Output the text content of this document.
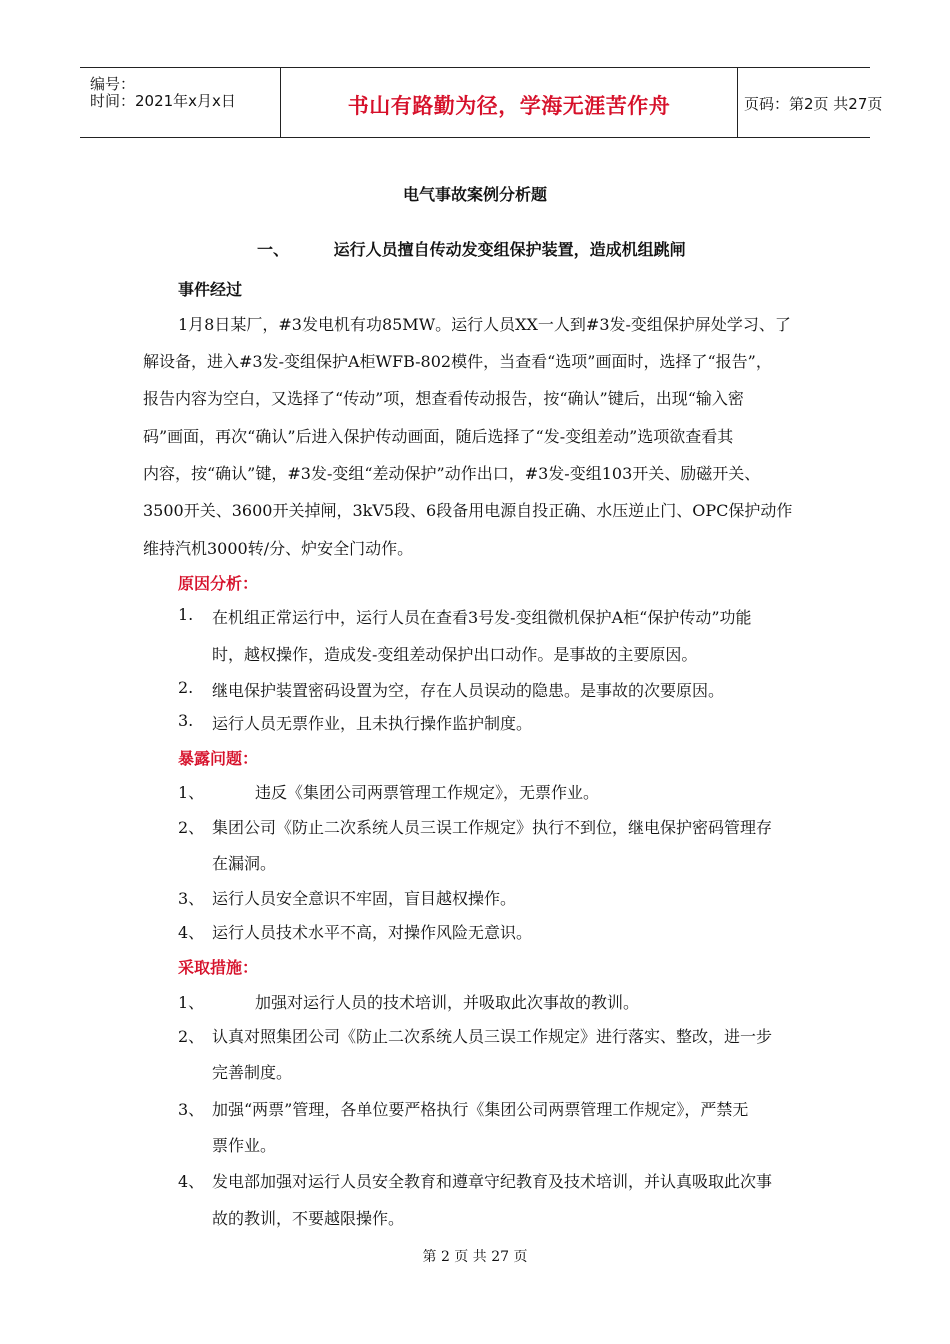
编号：
时间：2021年x月x日	书山有路勤为径，学海无涯苦作舟	页码：第2页 共27页
电气事故案例分析题
一、        运行人员擅自传动发变组保护装置，造成机组跳闸
事件经过
1月8日某厂，#3发电机有功85MW。运行人员XX一人到#3发-变组保护屏处学习、了
解设备，进入#3发-变组保护A柜WFB-802模件，当查看“选项”画面时，选择了“报告”，
报告内容为空白，又选择了“传动”项，想查看传动报告，按“确认”键后，出现“输入密
码”画面，再次“确认”后进入保护传动画面，随后选择了“发-变组差动”选项欲查看其
内容，按“确认”键，#3发-变组“差动保护”动作出口，#3发-变组103开关、励磁开关、
3500开关、3600开关掉闸，3kV5段、6段备用电源自投正确、水压逆止门、OPC保护动作
维持汽机3000转/分、炉安全门动作。
原因分析：
1. 在机组正常运行中，运行人员在查看3号发-变组微机保护A柜“保护传动”功能
时，越权操作，造成发-变组差动保护出口动作。是事故的主要原因。
2. 继电保护装置密码设置为空，存在人员误动的隐患。是事故的次要原因。
3. 运行人员无票作业，且未执行操作监护制度。
暴露问题：
1、	违反《集团公司两票管理工作规定》，无票作业。
2、 集团公司《防止二次系统人员三误工作规定》执行不到位，继电保护密码管理存
在漏洞。
3、 运行人员安全意识不牢固，盲目越权操作。
4、 运行人员技术水平不高，对操作风险无意识。
采取措施：
1、	加强对运行人员的技术培训，并吸取此次事故的教训。
2、 认真对照集团公司《防止二次系统人员三误工作规定》进行落实、整改，进一步
完善制度。
3、 加强“两票”管理，各单位要严格执行《集团公司两票管理工作规定》，严禁无
票作业。
4、 发电部加强对运行人员安全教育和遵章守纪教育及技术培训，并认真吸取此次事
故的教训，不要越限操作。
第 2 页 共 27 页
